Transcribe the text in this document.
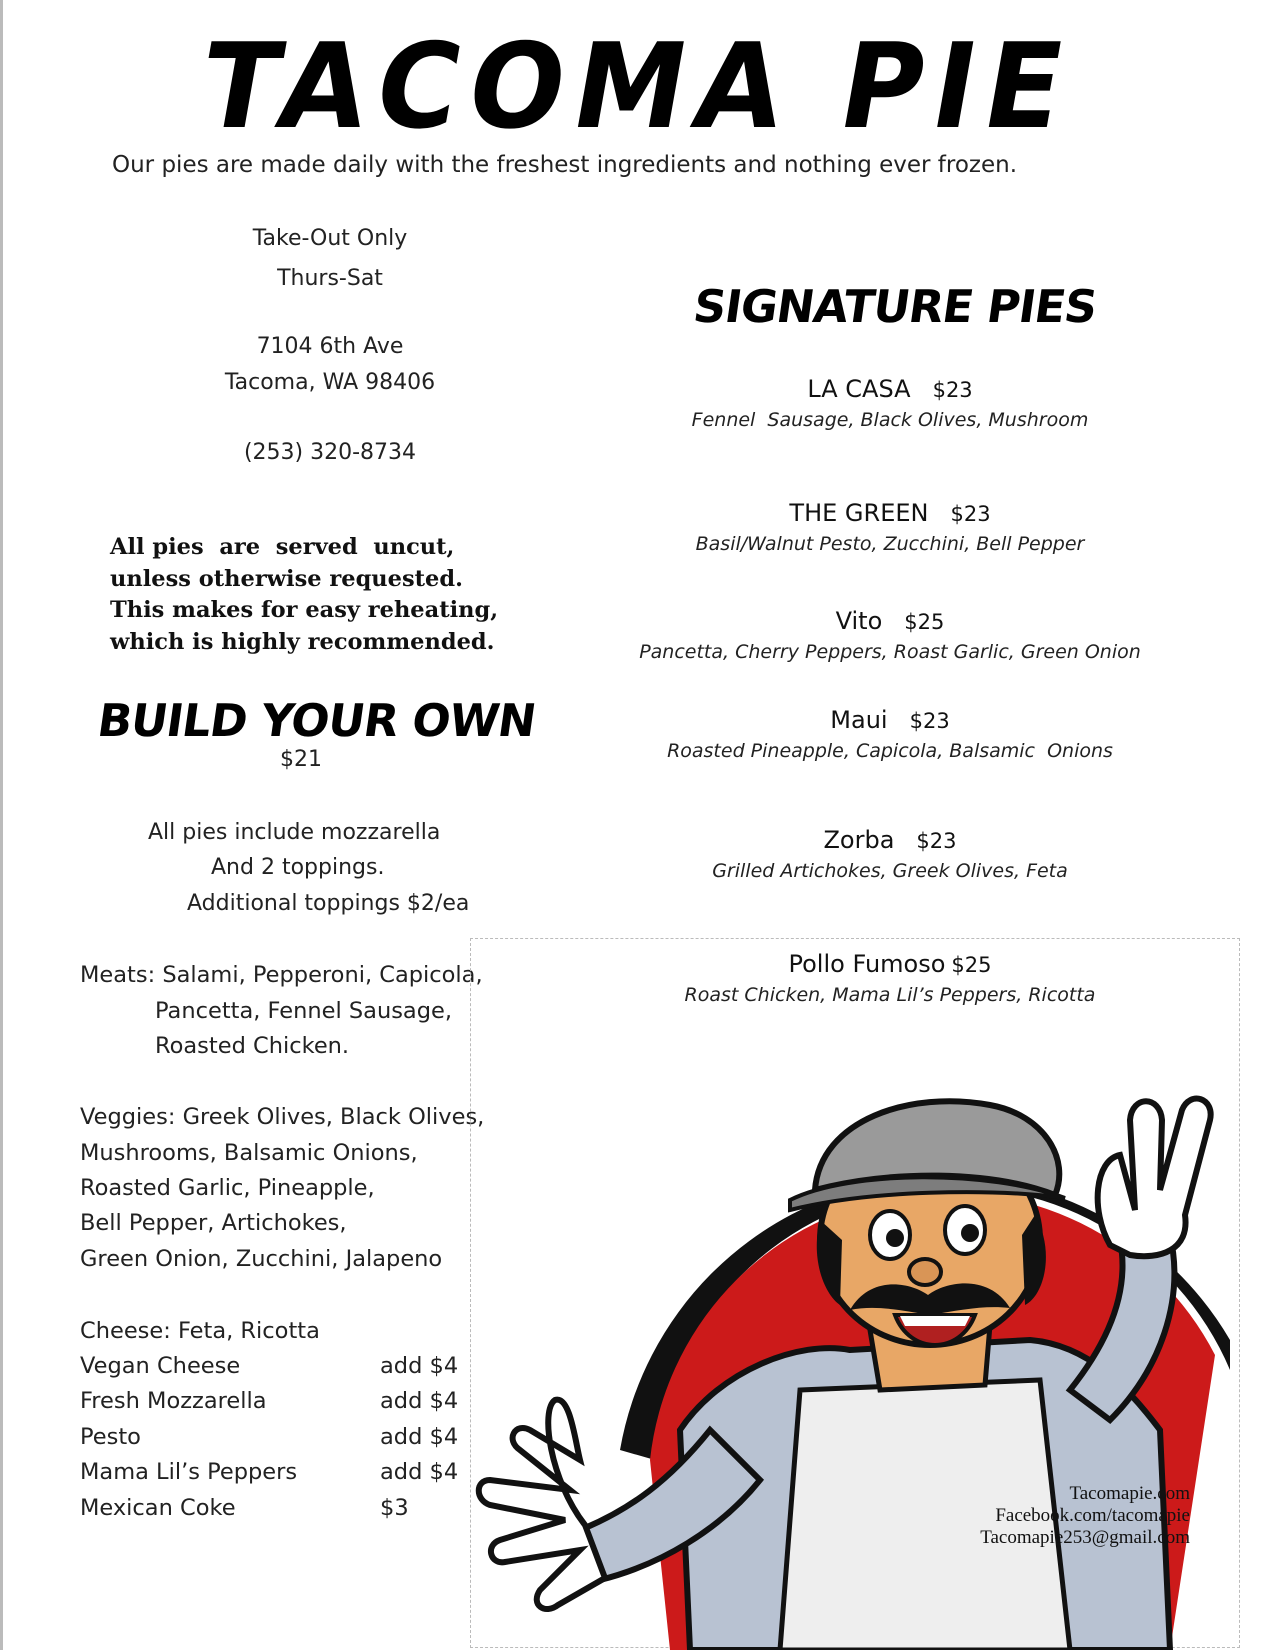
TACOMA PIE
Our pies are made daily with the freshest ingredients and nothing ever frozen.
Take-Out Only
Thurs-Sat
7104 6th Ave
Tacoma, WA 98406
(253) 320-8734
All pies  are  served  uncut,
unless otherwise requested.
This makes for easy reheating,
which is highly recommended.
BUILD YOUR OWN
$21
All pies include mozzarella
And 2 toppings.
Additional toppings $2/ea
Meats: Salami, Pepperoni, Capicola,
Pancetta, Fennel Sausage,
Roasted Chicken.
Veggies: Greek Olives, Black Olives,
Mushrooms, Balsamic Onions,
Roasted Garlic, Pineapple,
Bell Pepper, Artichokes,
Green Onion, Zucchini, Jalapeno
Cheese: Feta, Ricotta
Vegan Cheese	add $4
Fresh Mozzarella	add $4
Pesto	add $4
Mama Lil’s Peppers	add $4
Mexican Coke	$3
SIGNATURE PIES
LA CASA $23
Fennel  Sausage, Black Olives, Mushroom
THE GREEN $23
Basil/Walnut Pesto, Zucchini, Bell Pepper
Vito $25
Pancetta, Cherry Peppers, Roast Garlic, Green Onion
Maui $23
Roasted Pineapple, Capicola, Balsamic  Onions
Zorba $23
Grilled Artichokes, Greek Olives, Feta
Pollo Fumoso $25
Roast Chicken, Mama Lil’s Peppers, Ricotta
Tacomapie.com
Facebook.com/tacomapie
Tacomapie253@gmail.com
